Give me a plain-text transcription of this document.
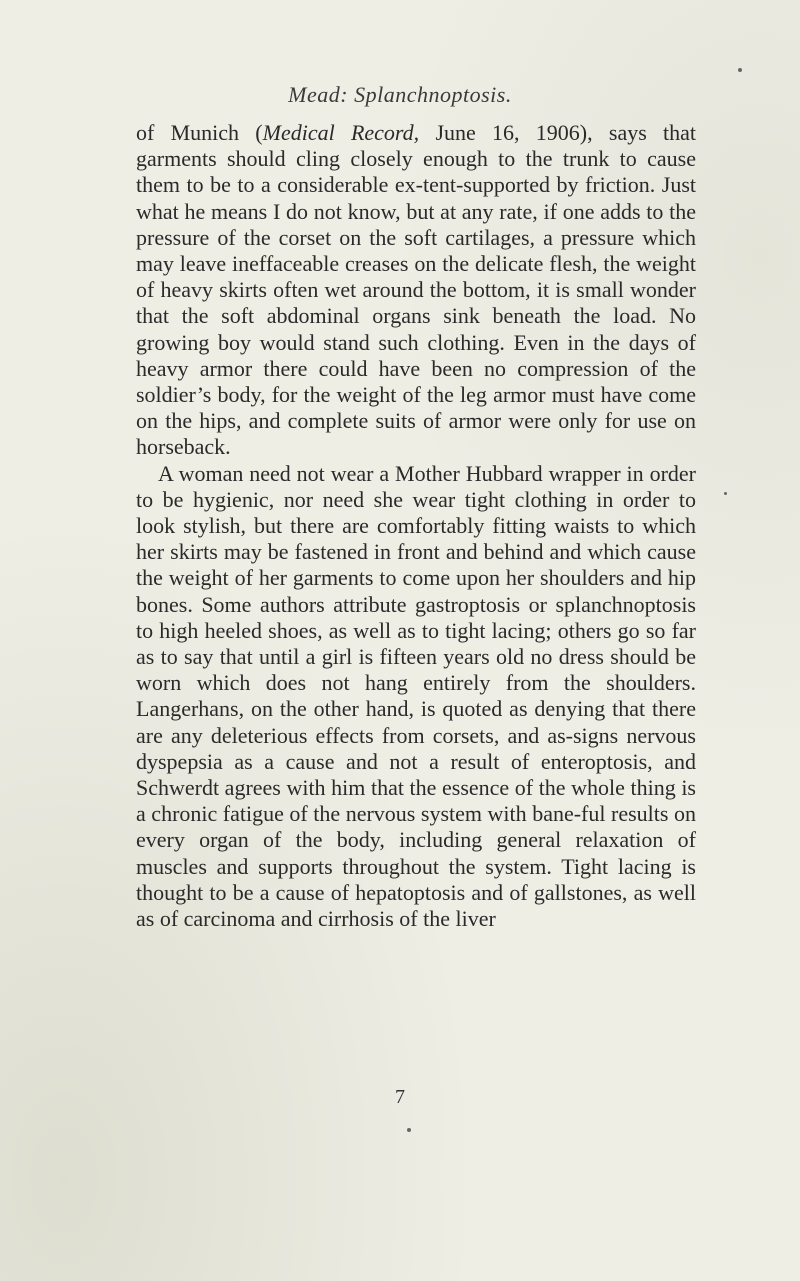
Mead: Splanchnoptosis.

of Munich (Medical Record, June 16, 1906), says that garments should cling closely enough to the trunk to cause them to be to a considerable ex-tent-supported by friction. Just what he means I do not know, but at any rate, if one adds to the pressure of the corset on the soft cartilages, a pressure which may leave ineffaceable creases on the delicate flesh, the weight of heavy skirts often wet around the bottom, it is small wonder that the soft abdominal organs sink beneath the load. No growing boy would stand such clothing. Even in the days of heavy armor there could have been no compression of the soldier’s body, for the weight of the leg armor must have come on the hips, and complete suits of armor were only for use on horseback.

A woman need not wear a Mother Hubbard wrapper in order to be hygienic, nor need she wear tight clothing in order to look stylish, but there are comfortably fitting waists to which her skirts may be fastened in front and behind and which cause the weight of her garments to come upon her shoulders and hip bones. Some authors attribute gastroptosis or splanchnoptosis to high heeled shoes, as well as to tight lacing; others go so far as to say that until a girl is fifteen years old no dress should be worn which does not hang entirely from the shoulders. Langerhans, on the other hand, is quoted as denying that there are any deleterious effects from corsets, and as-signs nervous dyspepsia as a cause and not a result of enteroptosis, and Schwerdt agrees with him that the essence of the whole thing is a chronic fatigue of the nervous system with bane-ful results on every organ of the body, including general relaxation of muscles and supports throughout the system. Tight lacing is thought to be a cause of hepatoptosis and of gallstones, as well as of carcinoma and cirrhosis of the liver

7
